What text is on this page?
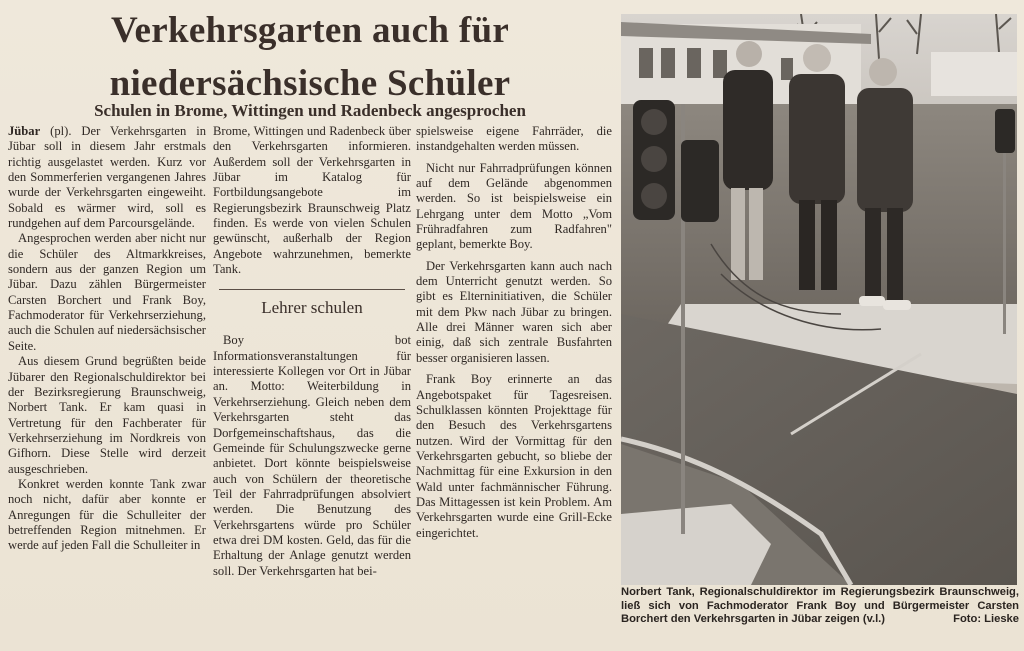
Verkehrsgarten auch für
niedersächsische Schüler
Schulen in Brome, Wittingen und Radenbeck angesprochen

Jübar (pl). Der Verkehrsgarten in Jübar soll in diesem Jahr erstmals richtig ausgelastet werden. Kurz vor den Sommerferien vergangenen Jahres wurde der Verkehrsgarten eingeweiht. Sobald es wärmer wird, soll es rundgehen auf dem Parcoursgelände.

Angesprochen werden aber nicht nur die Schüler des Altmarkkreises, sondern aus der ganzen Region um Jübar. Dazu zählen Bürgermeister Carsten Borchert und Frank Boy, Fachmoderator für Verkehrserziehung, auch die Schulen auf niedersächsischer Seite.

Aus diesem Grund begrüßten beide Jübarer den Regionalschuldirektor bei der Bezirksregierung Braunschweig, Norbert Tank. Er kam quasi in Vertretung für den Fachberater für Verkehrserziehung im Nordkreis von Gifhorn. Diese Stelle wird derzeit ausgeschrieben.

Konkret werden konnte Tank zwar noch nicht, dafür aber konnte er Anregungen für die Schulleiter der betreffenden Region mitnehmen. Er werde auf jeden Fall die Schulleiter in

Brome, Wittingen und Radenbeck über den Verkehrsgarten informieren. Außerdem soll der Verkehrsgarten in Jübar im Katalog für Fortbildungsangebote im Regierungsbezirk Braunschweig Platz finden. Es werde von vielen Schulen gewünscht, außerhalb der Region Angebote wahrzunehmen, bemerkte Tank.

Lehrer schulen

Boy bot Informationsveranstaltungen für interessierte Kollegen vor Ort in Jübar an. Motto: Weiterbildung in Verkehrserziehung. Gleich neben dem Verkehrsgarten steht das Dorfgemeinschaftshaus, das die Gemeinde für Schulungszwecke gerne anbietet. Dort könnte beispielsweise auch von Schülern der theoretische Teil der Fahrradprüfungen absolviert werden. Die Benutzung des Verkehrsgartens würde pro Schüler etwa drei DM kosten. Geld, das für die Erhaltung der Anlage genutzt werden soll. Der Verkehrsgarten hat bei-

spielsweise eigene Fahrräder, die instandgehalten werden müssen.

Nicht nur Fahrradprüfungen können auf dem Gelände abgenommen werden. So ist beispielsweise ein Lehrgang unter dem Motto „Vom Frühradfahren zum Radfahren" geplant, bemerkte Boy.

Der Verkehrsgarten kann auch nach dem Unterricht genutzt werden. So gibt es Elterninitiativen, die Schüler mit dem Pkw nach Jübar zu bringen. Alle drei Männer waren sich aber einig, daß sich zentrale Busfahrten besser organisieren lassen.

Frank Boy erinnerte an das Angebotspaket für Tagesreisen. Schulklassen könnten Projekttage für den Besuch des Verkehrsgartens nutzen. Wird der Vormittag für den Verkehrsgarten gebucht, so bliebe der Nachmittag für eine Exkursion in den Wald unter fachmännischer Führung. Das Mittagessen ist kein Problem. Am Verkehrsgarten wurde eine Grill-Ecke eingerichtet.

Norbert Tank, Regionalschuldirektor im Regierungsbezirk Braunschweig, ließ sich von Fachmoderator Frank Boy und Bürgermeister Carsten Borchert den Verkehrsgarten in Jübar zeigen (v.l.)	Foto: Lieske
